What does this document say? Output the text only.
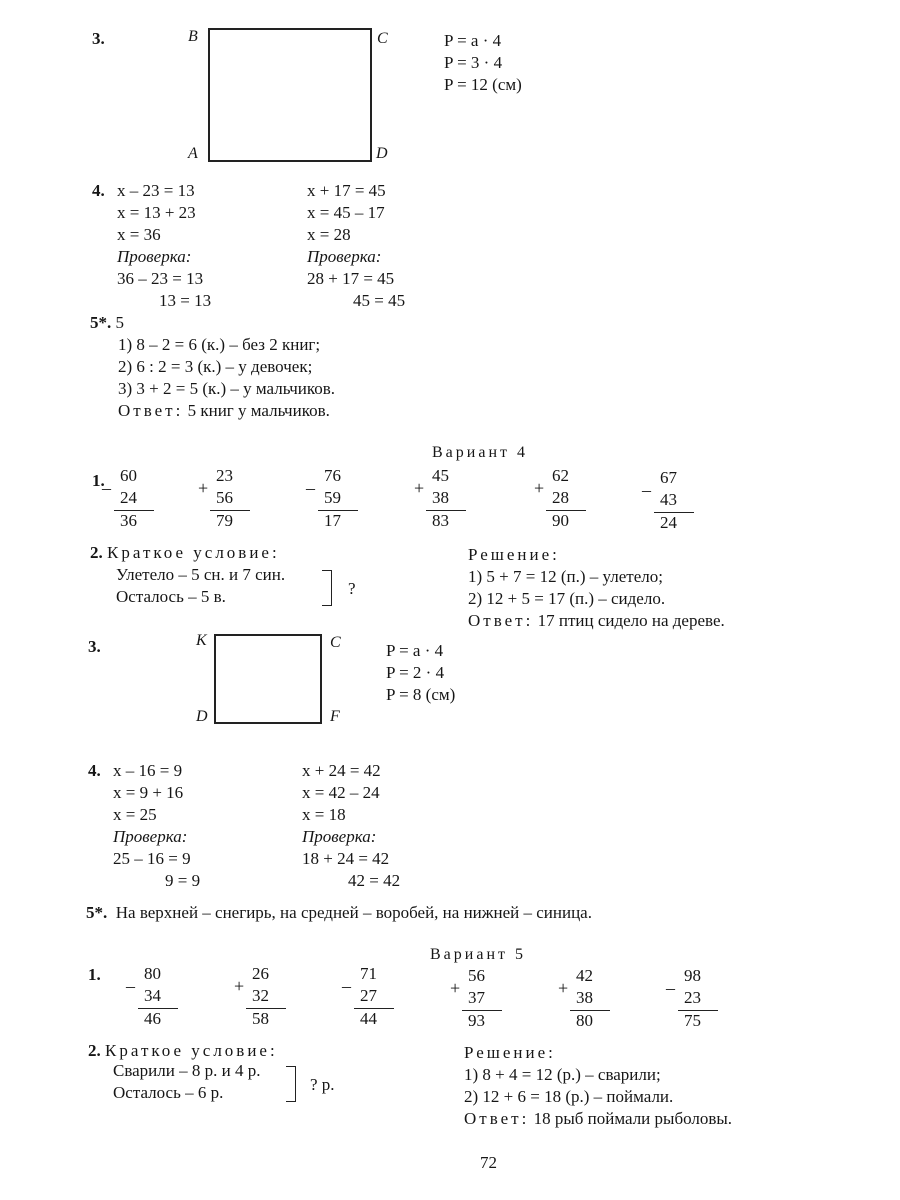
3.	B	C
A	D
P = a · 4
P = 3 · 4
P = 12 (см)
4. x – 23 = 13
x = 13 + 23
x = 36
Проверка:
36 – 23 = 13
13 = 13
x + 17 = 45
x = 45 – 17
x = 28
Проверка:
28 + 17 = 45
45 = 45
5*. 5
1) 8 – 2 = 6 (к.) – без 2 книг;
2) 6 : 2 = 3 (к.) – у девочек;
3) 3 + 2 = 5 (к.) – у мальчиков.
Ответ: 5 книг у мальчиков.
Вариант 4
1.
–
60
24
36
+
23
56
79
–
76
59
17
+
45
38
83
+
62
28
90
–
67
43
24
2. Краткое условие:
Улетело – 5 сн. и 7 син.
Осталось – 5 в.	?
Решение:
1) 5 + 7 = 12 (п.) – улетело;
2) 12 + 5 = 17 (п.) – сидело.
Ответ: 17 птиц сидело на дереве.
3.	K	C
D	F
P = a · 4
P = 2 · 4
P = 8 (см)
4. x – 16 = 9
x = 9 + 16
x = 25
Проверка:
25 – 16 = 9
9 = 9
x + 24 = 42
x = 42 – 24
x = 18
Проверка:
18 + 24 = 42
42 = 42
5*. На верхней – снегирь, на средней – воробей, на нижней – синица.
Вариант 5
1.
–
80
34
46
+
26
32
58
–
71
27
44
+
56
37
93
+
42
38
80
–
98
23
75
2. Краткое условие:
Сварили – 8 р. и 4 р.
Осталось – 6 р.	? р.
Решение:
1) 8 + 4 = 12 (р.) – сварили;
2) 12 + 6 = 18 (р.) – поймали.
Ответ: 18 рыб поймали рыболовы.
72
